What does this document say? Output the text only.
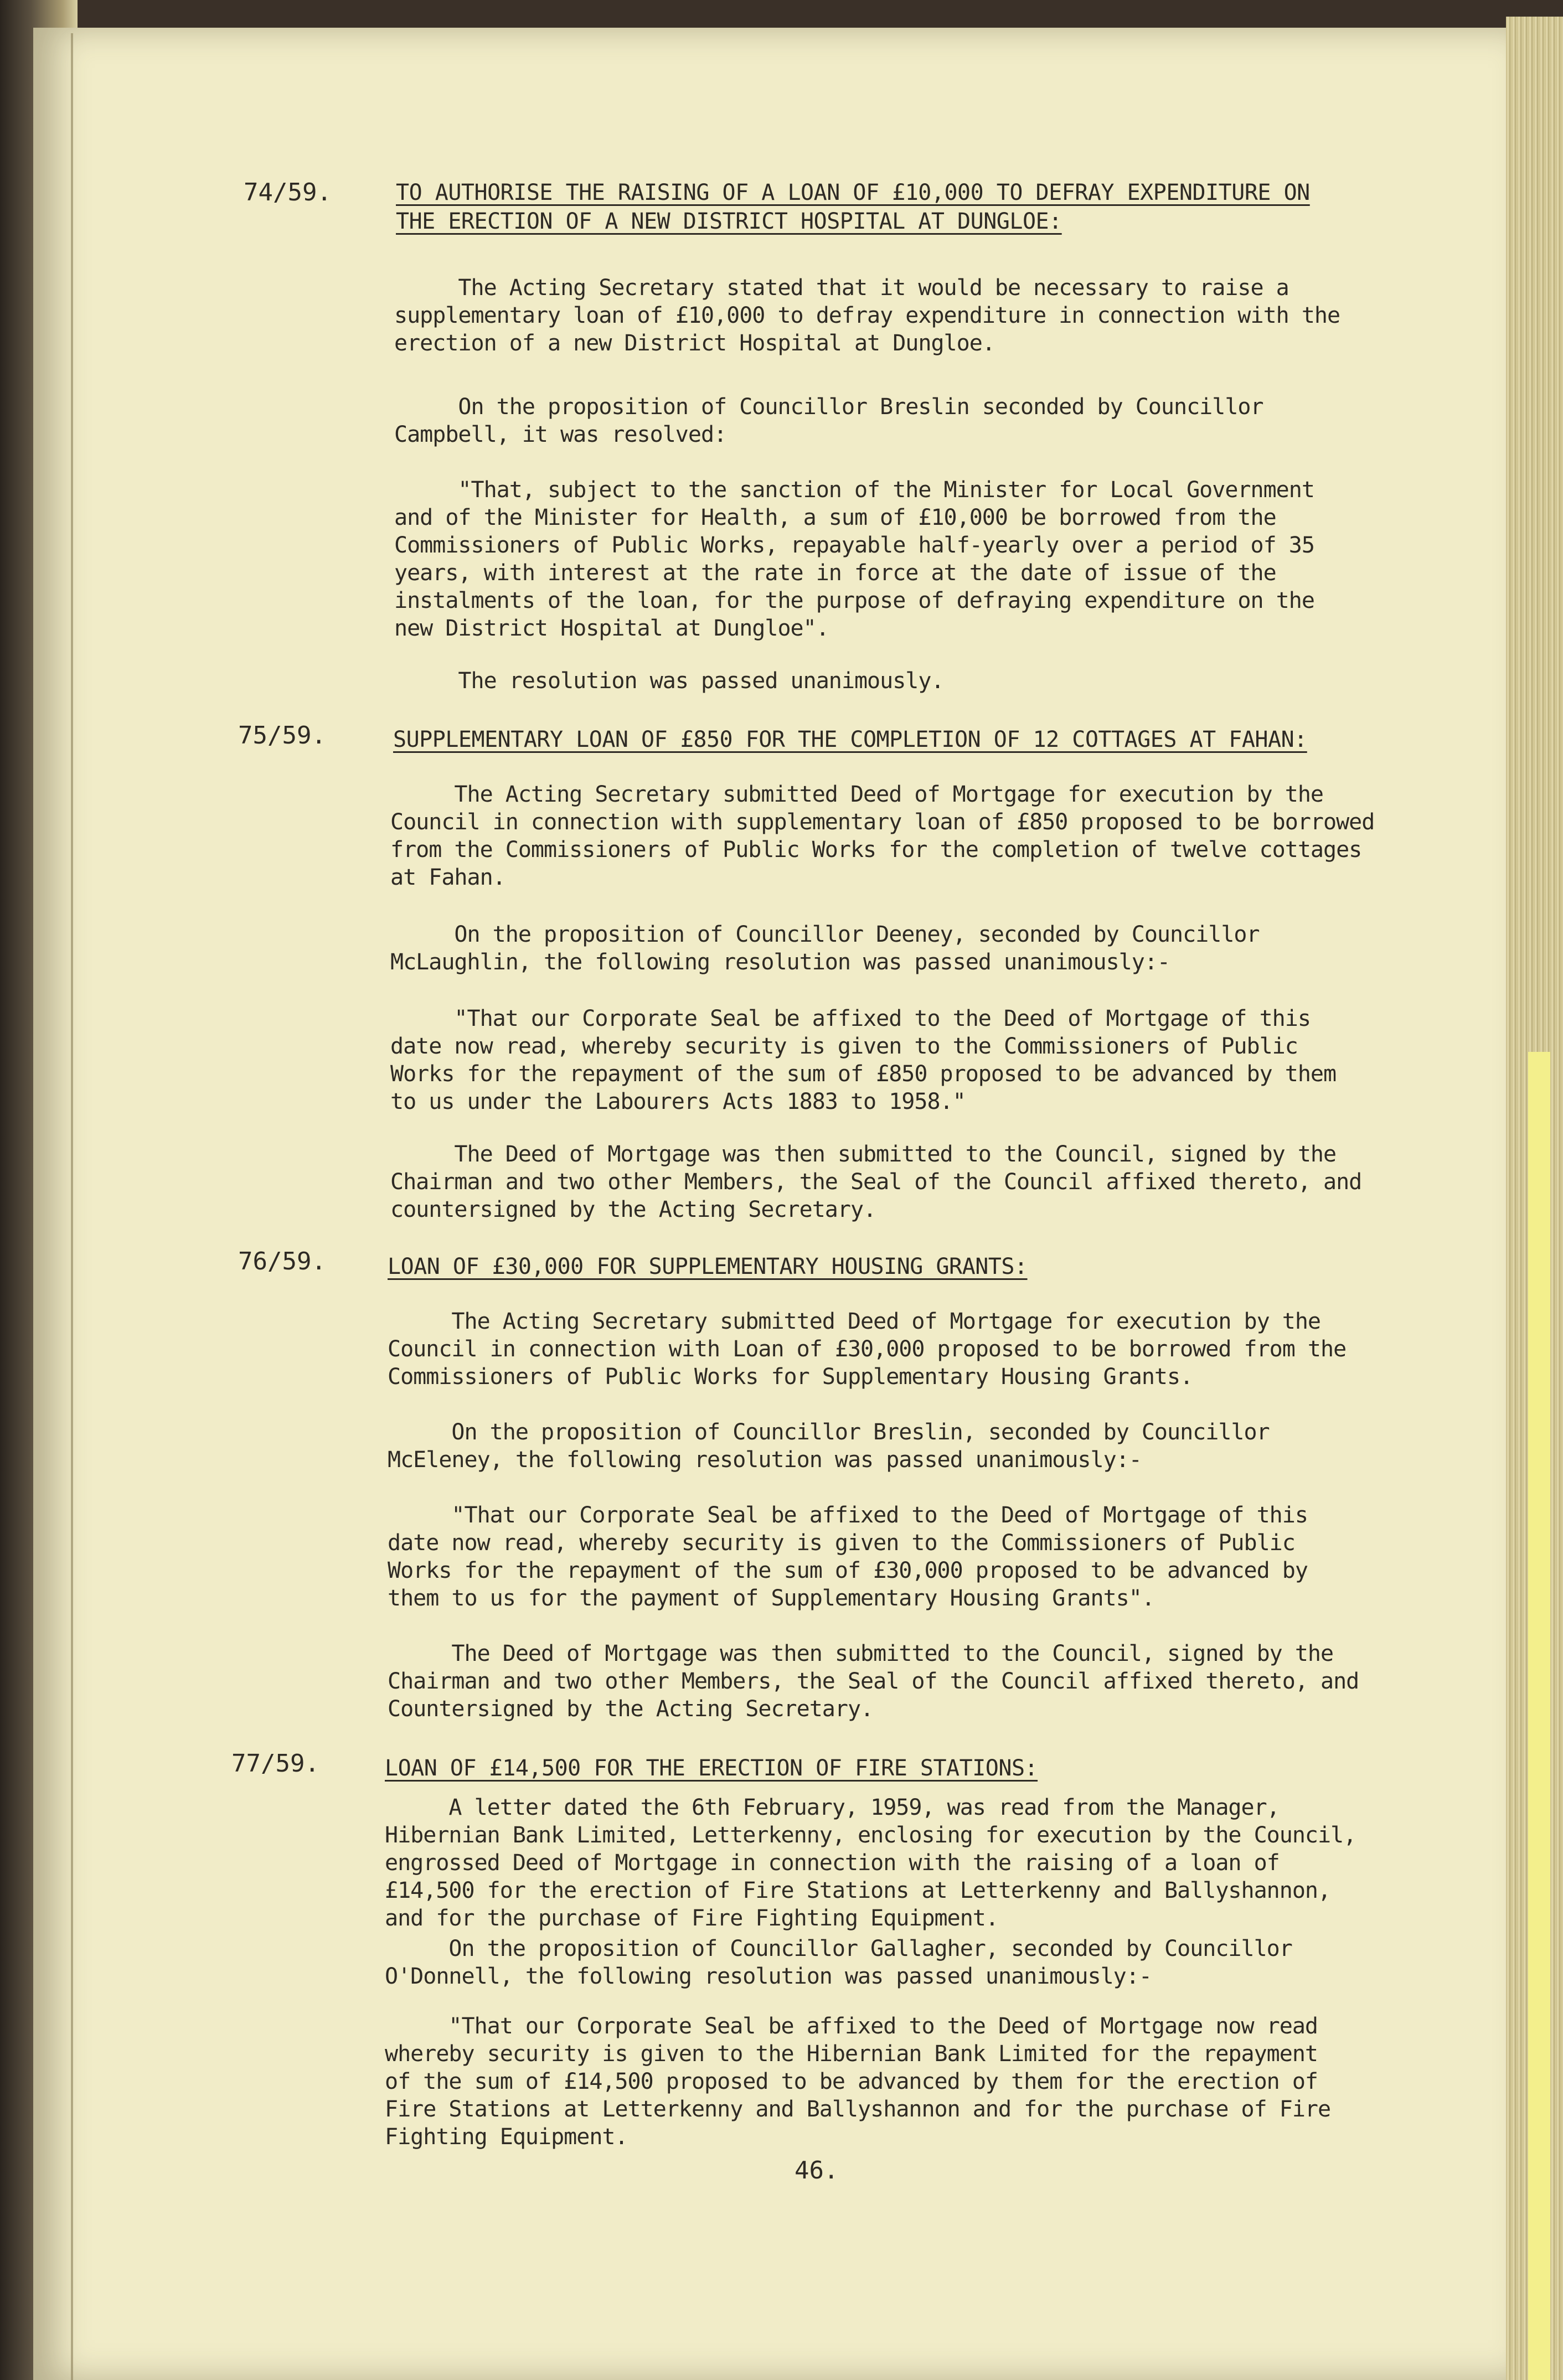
74/59.	TO AUTHORISE THE RAISING OF A LOAN OF £10,000 TO DEFRAY EXPENDITURE ON
THE ERECTION OF A NEW DISTRICT HOSPITAL AT DUNGLOE:
The Acting Secretary stated that it would be necessary to raise a
supplementary loan of £10,000 to defray expenditure in connection with the
erection of a new District Hospital at Dungloe.
On the proposition of Councillor Breslin seconded by Councillor
Campbell, it was resolved:
"That, subject to the sanction of the Minister for Local Government
and of the Minister for Health, a sum of £10,000 be borrowed from the
Commissioners of Public Works, repayable half-yearly over a period of 35
years, with interest at the rate in force at the date of issue of the
instalments of the loan, for the purpose of defraying expenditure on the
new District Hospital at Dungloe".
The resolution was passed unanimously.
75/59.	SUPPLEMENTARY LOAN OF £850 FOR THE COMPLETION OF 12 COTTAGES AT FAHAN:
The Acting Secretary submitted Deed of Mortgage for execution by the
Council in connection with supplementary loan of £850 proposed to be borrowed
from the Commissioners of Public Works for the completion of twelve cottages
at Fahan.
On the proposition of Councillor Deeney, seconded by Councillor
McLaughlin, the following resolution was passed unanimously:-
"That our Corporate Seal be affixed to the Deed of Mortgage of this
date now read, whereby security is given to the Commissioners of Public
Works for the repayment of the sum of £850 proposed to be advanced by them
to us under the Labourers Acts 1883 to 1958."
The Deed of Mortgage was then submitted to the Council, signed by the
Chairman and two other Members, the Seal of the Council affixed thereto, and
countersigned by the Acting Secretary.
76/59.	LOAN OF £30,000 FOR SUPPLEMENTARY HOUSING GRANTS:
The Acting Secretary submitted Deed of Mortgage for execution by the
Council in connection with Loan of £30,000 proposed to be borrowed from the
Commissioners of Public Works for Supplementary Housing Grants.
On the proposition of Councillor Breslin, seconded by Councillor
McEleney, the following resolution was passed unanimously:-
"That our Corporate Seal be affixed to the Deed of Mortgage of this
date now read, whereby security is given to the Commissioners of Public
Works for the repayment of the sum of £30,000 proposed to be advanced by
them to us for the payment of Supplementary Housing Grants".
The Deed of Mortgage was then submitted to the Council, signed by the
Chairman and two other Members, the Seal of the Council affixed thereto, and
Countersigned by the Acting Secretary.
77/59.	LOAN OF £14,500 FOR THE ERECTION OF FIRE STATIONS:
A letter dated the 6th February, 1959, was read from the Manager,
Hibernian Bank Limited, Letterkenny, enclosing for execution by the Council,
engrossed Deed of Mortgage in connection with the raising of a loan of
£14,500 for the erection of Fire Stations at Letterkenny and Ballyshannon,
and for the purchase of Fire Fighting Equipment.
On the proposition of Councillor Gallagher, seconded by Councillor
O'Donnell, the following resolution was passed unanimously:-
"That our Corporate Seal be affixed to the Deed of Mortgage now read
whereby security is given to the Hibernian Bank Limited for the repayment
of the sum of £14,500 proposed to be advanced by them for the erection of
Fire Stations at Letterkenny and Ballyshannon and for the purchase of Fire
Fighting Equipment.
46.
